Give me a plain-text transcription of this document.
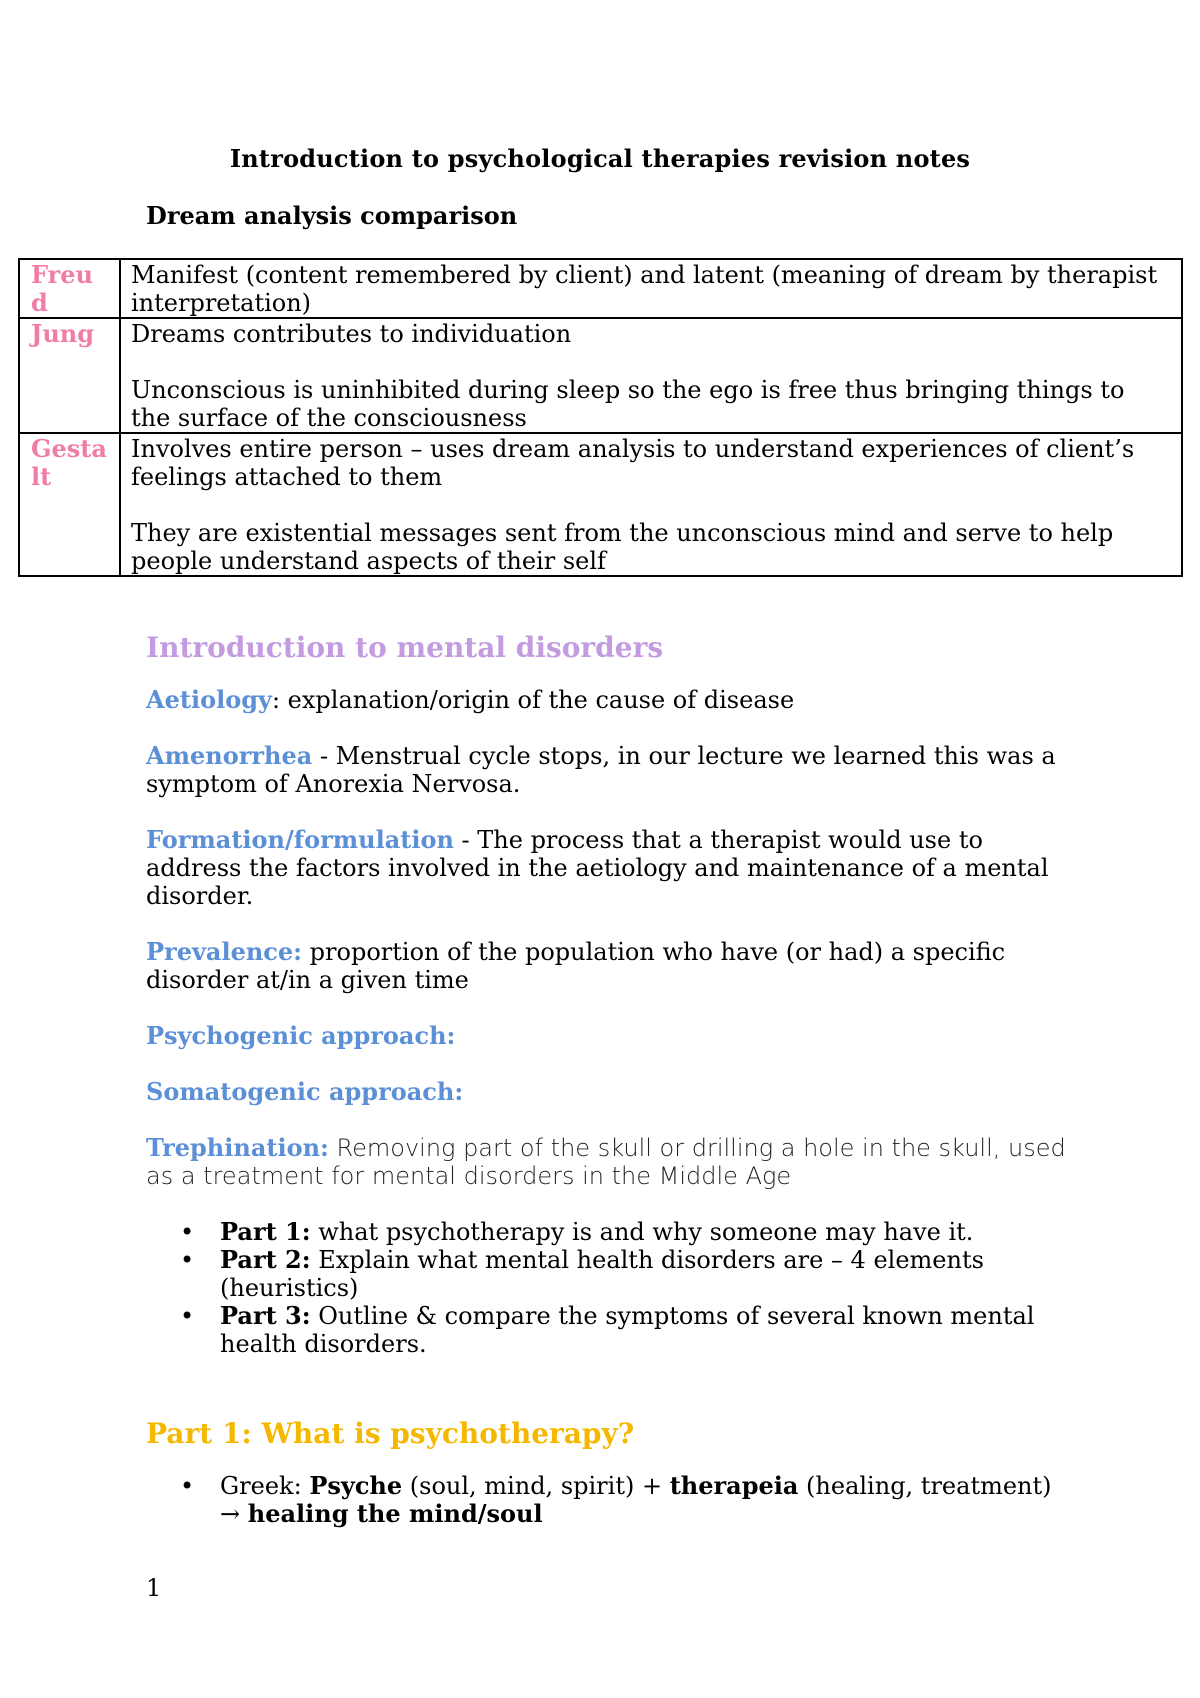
Introduction to psychological therapies revision notes
Dream analysis comparison
Freud	Manifest (content remembered by client) and latent (meaning of dream by therapist interpretation)

Jung	Dreams contributes to individuation

Unconscious is uninhibited during sleep so the ego is free thus bringing things to the surface of the consciousness

Gestalt	Involves entire person – uses dream analysis to understand experiences of client’s feelings attached to them

They are existential messages sent from the unconscious mind and serve to help people understand aspects of their self

Introduction to mental disorders

Aetiology: explanation/origin of the cause of disease

Amenorrhea - Menstrual cycle stops, in our lecture we learned this was a symptom of Anorexia Nervosa.

Formation/formulation - The process that a therapist would use to address the factors involved in the aetiology and maintenance of a mental disorder.

Prevalence: proportion of the population who have (or had) a specific disorder at/in a given time

Psychogenic approach:

Somatogenic approach:

Trephination: Removing part of the skull or drilling a hole in the skull, used as a treatment for mental disorders in the Middle Age

• Part 1: what psychotherapy is and why someone may have it.
• Part 2: Explain what mental health disorders are – 4 elements (heuristics)
• Part 3: Outline & compare the symptoms of several known mental health disorders.
Part 1: What is psychotherapy?
• Greek: Psyche (soul, mind, spirit) + therapeia (healing, treatment) → healing the mind/soul
1
